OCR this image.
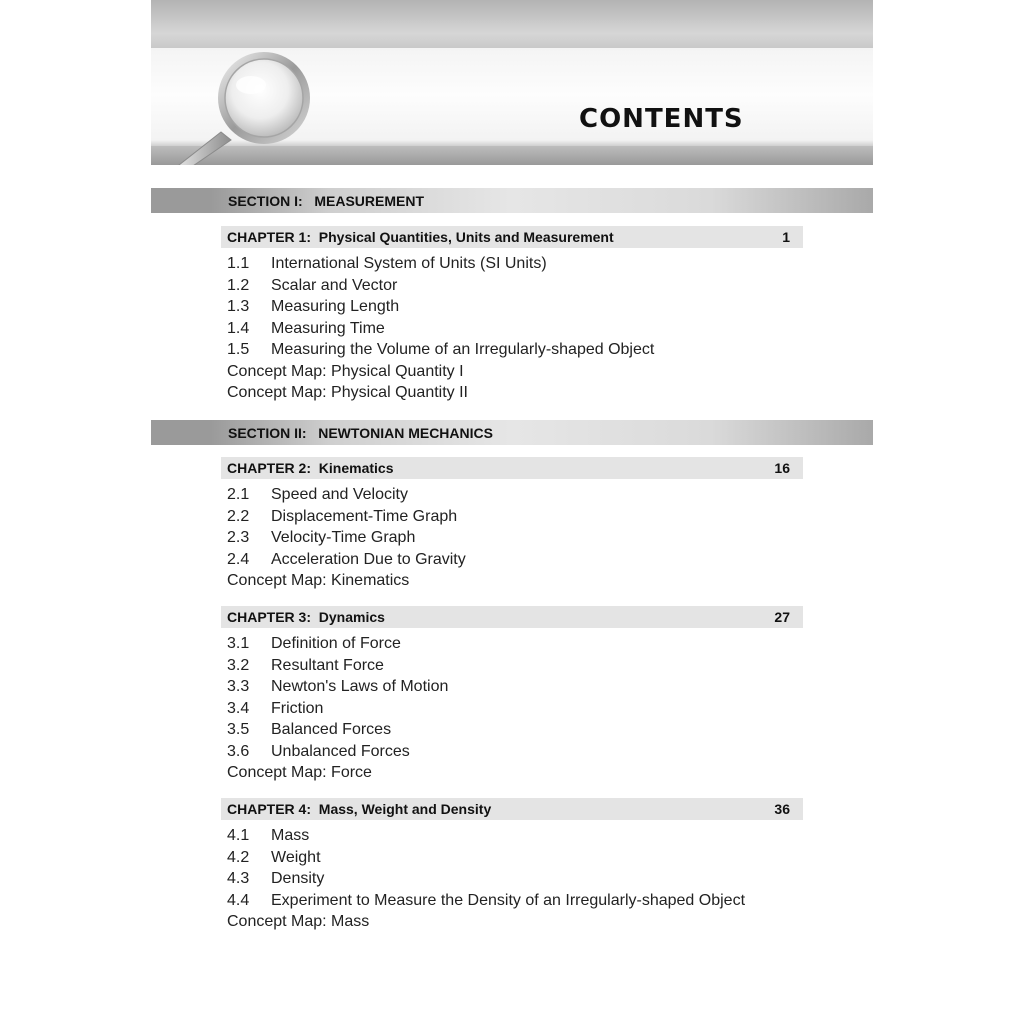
CONTENTS
SECTION I:   MEASUREMENT
CHAPTER 1:  Physical Quantities, Units and Measurement	1
1.1 International System of Units (SI Units)
1.2 Scalar and Vector
1.3 Measuring Length
1.4 Measuring Time
1.5 Measuring the Volume of an Irregularly-shaped Object
Concept Map: Physical Quantity I
Concept Map: Physical Quantity II
SECTION II:   NEWTONIAN MECHANICS
CHAPTER 2:  Kinematics	16
2.1 Speed and Velocity
2.2 Displacement-Time Graph
2.3 Velocity-Time Graph
2.4 Acceleration Due to Gravity
Concept Map: Kinematics
CHAPTER 3:  Dynamics	27
3.1 Definition of Force
3.2 Resultant Force
3.3 Newton's Laws of Motion
3.4 Friction
3.5 Balanced Forces
3.6 Unbalanced Forces
Concept Map: Force
CHAPTER 4:  Mass, Weight and Density	36
4.1 Mass
4.2 Weight
4.3 Density
4.4 Experiment to Measure the Density of an Irregularly-shaped Object
Concept Map: Mass
